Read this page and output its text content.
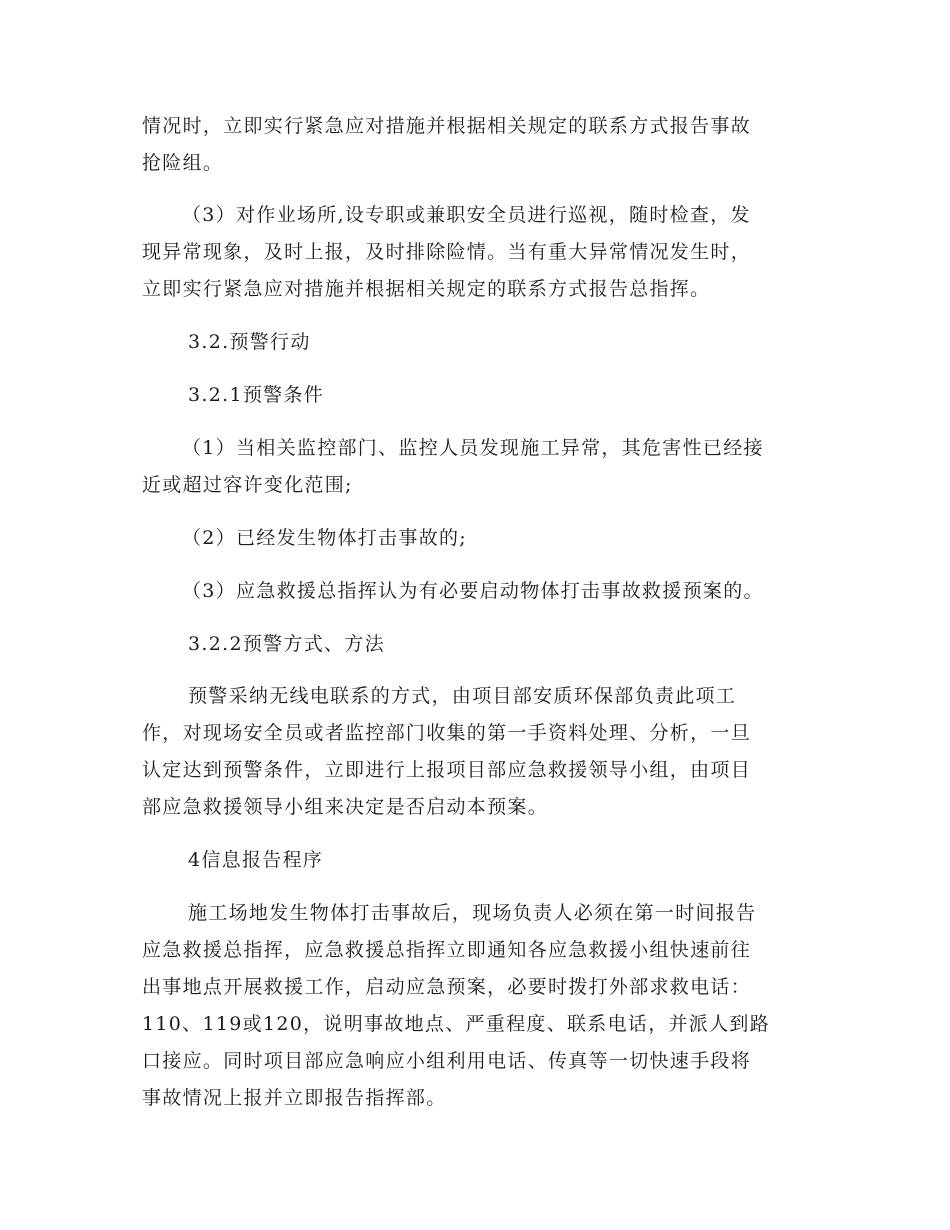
情况时，立即实行紧急应对措施并根据相关规定的联系方式报告事故
抢险组。
（3）对作业场所,设专职或兼职安全员进行巡视，随时检查，发
现异常现象，及时上报，及时排除险情。当有重大异常情况发生时，
立即实行紧急应对措施并根据相关规定的联系方式报告总指挥。
3.2.预警行动
3.2.1预警条件
（1）当相关监控部门、监控人员发现施工异常，其危害性已经接
近或超过容许变化范围;
（2）已经发生物体打击事故的;
（3）应急救援总指挥认为有必要启动物体打击事故救援预案的。
3.2.2预警方式、方法
预警采纳无线电联系的方式，由项目部安质环保部负责此项工
作，对现场安全员或者监控部门收集的第一手资料处理、分析，一旦
认定达到预警条件，立即进行上报项目部应急救援领导小组，由项目
部应急救援领导小组来决定是否启动本预案。
4信息报告程序
施工场地发生物体打击事故后，现场负责人必须在第一时间报告
应急救援总指挥，应急救援总指挥立即通知各应急救援小组快速前往
出事地点开展救援工作，启动应急预案，必要时拨打外部求救电话：
110、119或120，说明事故地点、严重程度、联系电话，并派人到路
口接应。同时项目部应急响应小组利用电话、传真等一切快速手段将
事故情况上报并立即报告指挥部。
